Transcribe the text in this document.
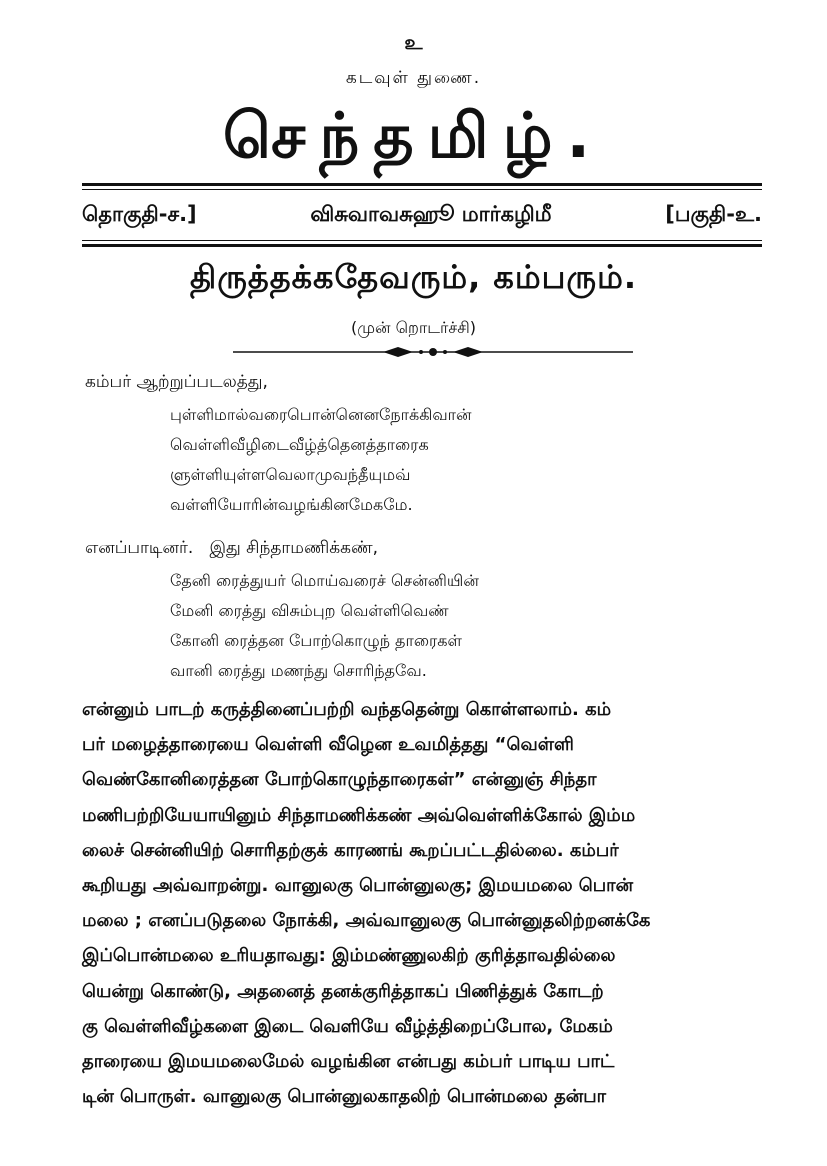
உ
கடவுள் துணை.
செந்தமிழ்.
தொகுதி-ச.]	விசுவாவசுஹூ மார்கழிமீ	[பகுதி-உ.
திருத்தக்கதேவரும், கம்பரும்.
(முன் றொடர்ச்சி)
கம்பர் ஆற்றுப்படலத்து,
புள்ளிமால்வரைபொன்னெனநோக்கிவான்
வெள்ளிவீழிடைவீழ்த்தெனத்தாரைக
ளுள்ளியுள்ளவெலாமுவந்தீயுமவ்
வள்ளியோரின்வழங்கினமேகமே.
எனப்பாடினர்.   இது சிந்தாமணிக்கண்,
தேனி ரைத்துயர் மொய்வரைச் சென்னியின்
மேனி ரைத்து விசும்புற வெள்ளிவெண்
கோனி ரைத்தன போற்கொழுந் தாரைகள்
வானி ரைத்து மணந்து சொரிந்தவே.
என்னும் பாடற் கருத்தினைப்பற்றி வந்ததென்று கொள்ளலாம். கம்
பர் மழைத்தாரையை வெள்ளி வீழென உவமித்தது “வெள்ளி
வெண்கோனிரைத்தன போற்கொழுந்தாரைகள்” என்னுஞ் சிந்தா
மணிபற்றியேயாயினும் சிந்தாமணிக்கண் அவ்வெள்ளிக்கோல் இம்ம
லைச் சென்னியிற் சொரிதற்குக் காரணங் கூறப்பட்டதில்லை. கம்பர்
கூறியது அவ்வாறன்று. வானுலகு பொன்னுலகு; இமயமலை பொன்
மலை ; எனப்படுதலை நோக்கி, அவ்வானுலகு பொன்னுதலிற்றனக்கே
இப்பொன்மலை உரியதாவது: இம்மண்ணுலகிற் குரித்தாவதில்லை
யென்று கொண்டு, அதனைத் தனக்குரித்தாகப் பிணித்துக் கோடற்
கு வெள்ளிவீழ்களை இடை வெளியே வீழ்த்திறைப்போல, மேகம்
தாரையை இமயமலைமேல் வழங்கின என்பது கம்பர் பாடிய பாட்
டின் பொருள். வானுலகு பொன்னுலகாதலிற் பொன்மலை தன்பா
